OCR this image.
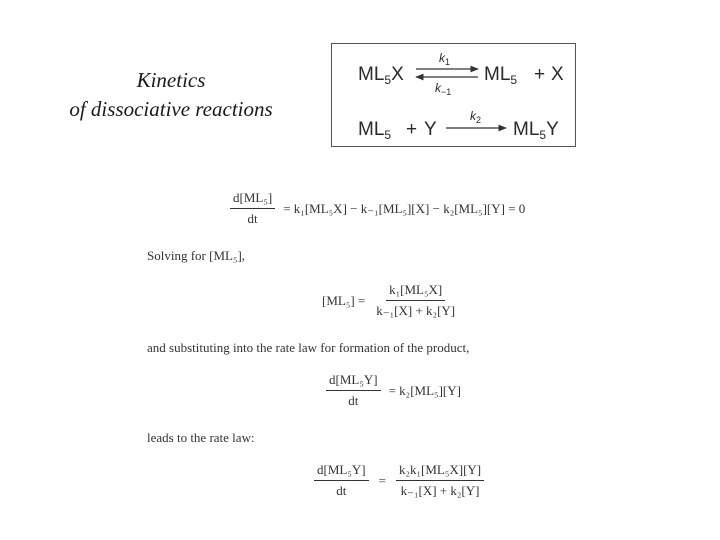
Kinetics
of dissociative reactions
$ML_5X$
$k_1$
$k_{-1}$
$ML_5 + X$
$ML_5 + Y$
$k_2$ $ML_5Y$
$\frac{\text{d[ML₅]}}{dt} = k_1[ML_5X] - k_{-1}[ML_5][X] - k_2[ML_5][Y] = 0$
Solving for [ML₅],
$[ML_5] = \frac{\text{k₁[ML₅X]}}{\text{k₋₁[X] + k₂[Y]}}$
and substituting into the rate law for formation of the product,
$\frac{\text{d[ML₅Y]}}{dt} = k_2[ML_5][Y]$
leads to the rate law:
$\frac{\text{d[ML₅Y]}}{dt} = \frac{\text{k₂k₁[ML₅X][Y]}}{\text{k₋₁[X] + k₂[Y]}}$
